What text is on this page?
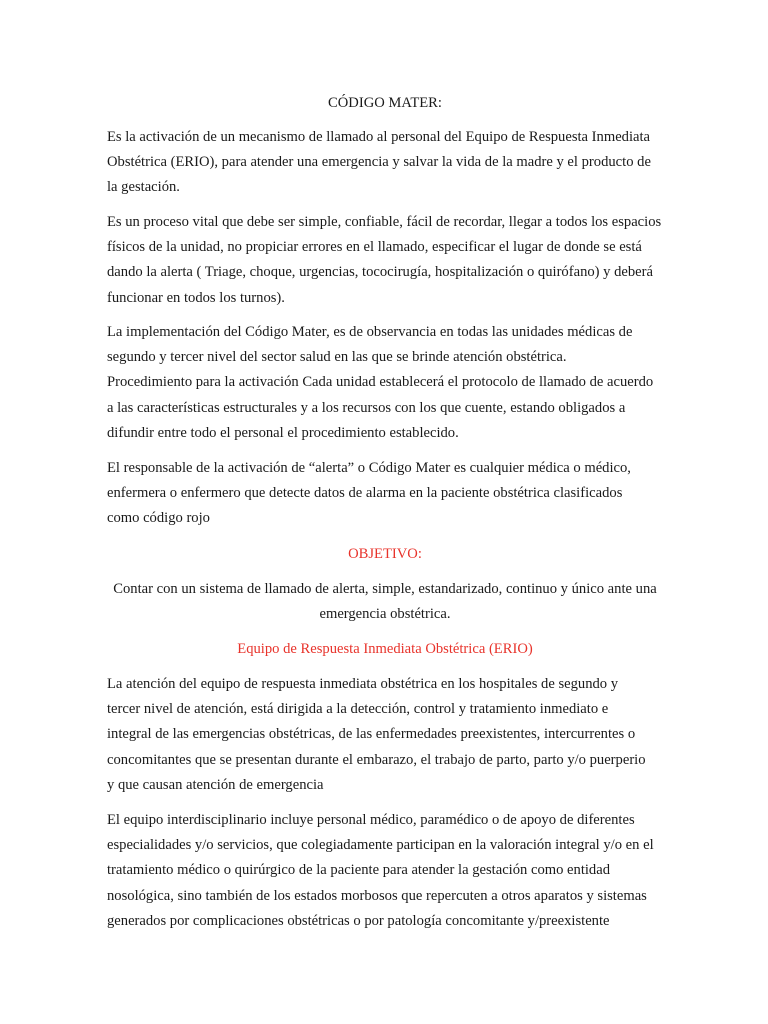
CÓDIGO MATER:
Es la activación de un mecanismo de llamado al personal del Equipo de Respuesta Inmediata
Obstétrica (ERIO), para atender una emergencia y salvar la vida de la madre y el producto de
la gestación.
Es un proceso vital que debe ser simple, confiable, fácil de recordar, llegar a todos los espacios
físicos de la unidad, no propiciar errores en el llamado, especificar el lugar de donde se está
dando la alerta ( Triage, choque, urgencias, tococirugía, hospitalización o quirófano) y deberá
funcionar en todos los turnos).
La implementación del Código Mater, es de observancia en todas las unidades médicas de
segundo y tercer nivel del sector salud en las que se brinde atención obstétrica.
Procedimiento para la activación Cada unidad establecerá el protocolo de llamado de acuerdo
a las características estructurales y a los recursos con los que cuente, estando obligados a
difundir entre todo el personal el procedimiento establecido.
El responsable de la activación de “alerta” o Código Mater es cualquier médica o médico,
enfermera o enfermero que detecte datos de alarma en la paciente obstétrica clasificados
como código rojo
OBJETIVO:
Contar con un sistema de llamado de alerta, simple, estandarizado, continuo y único ante una
emergencia obstétrica.
Equipo de Respuesta Inmediata Obstétrica (ERIO)
La atención del equipo de respuesta inmediata obstétrica en los hospitales de segundo y
tercer nivel de atención, está dirigida a la detección, control y tratamiento inmediato e
integral de las emergencias obstétricas, de las enfermedades preexistentes, intercurrentes o
concomitantes que se presentan durante el embarazo, el trabajo de parto, parto y/o puerperio
y que causan atención de emergencia
El equipo interdisciplinario incluye personal médico, paramédico o de apoyo de diferentes
especialidades y/o servicios, que colegiadamente participan en la valoración integral y/o en el
tratamiento médico o quirúrgico de la paciente para atender la gestación como entidad
nosológica, sino también de los estados morbosos que repercuten a otros aparatos y sistemas
generados por complicaciones obstétricas o por patología concomitante y/preexistente
